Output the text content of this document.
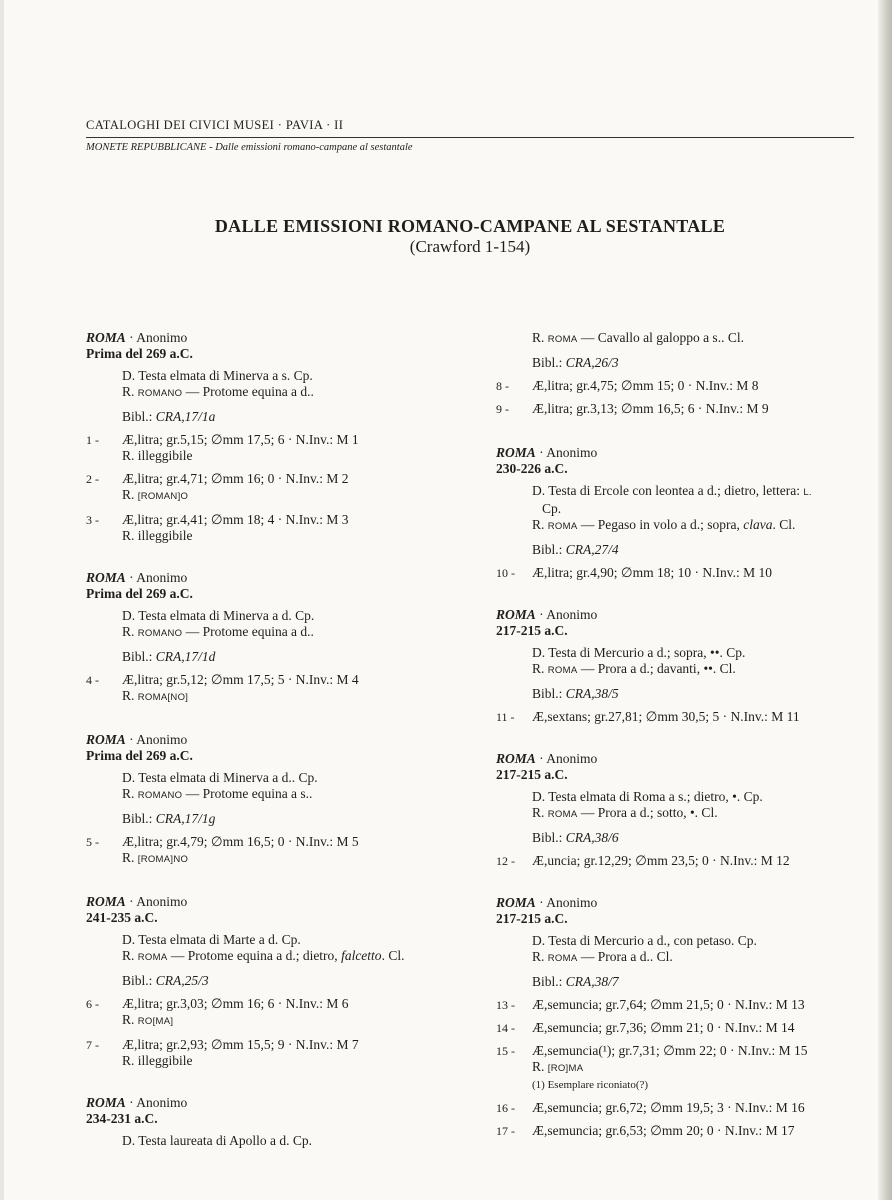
CATALOGHI DEI CIVICI MUSEI · PAVIA · II
MONETE REPUBBLICANE - Dalle emissioni romano-campane al sestantale
DALLE EMISSIONI ROMANO-CAMPANE AL SESTANTALE
(Crawford 1-154)
ROMA · Anonimo
Prima del 269 a.C.
D. Testa elmata di Minerva a s. Cp.
R. ROMANO — Protome equina a d..
Bibl.: CRA,17/1a
1 -	Æ,litra; gr.5,15; ∅mm 17,5; 6 · N.Inv.: M 1
R. illeggibile
2 -	Æ,litra; gr.4,71; ∅mm 16; 0 · N.Inv.: M 2
R. [ROMAN]O
3 -	Æ,litra; gr.4,41; ∅mm 18; 4 · N.Inv.: M 3
R. illeggibile
ROMA · Anonimo
Prima del 269 a.C.
D. Testa elmata di Minerva a d. Cp.
R. ROMANO — Protome equina a d..
Bibl.: CRA,17/1d
4 -	Æ,litra; gr.5,12; ∅mm 17,5; 5 · N.Inv.: M 4
R. ROMA[NO]
ROMA · Anonimo
Prima del 269 a.C.
D. Testa elmata di Minerva a d.. Cp.
R. ROMANO — Protome equina a s..
Bibl.: CRA,17/1g
5 -	Æ,litra; gr.4,79; ∅mm 16,5; 0 · N.Inv.: M 5
R. [ROMA]NO
ROMA · Anonimo
241-235 a.C.
D. Testa elmata di Marte a d. Cp.
R. ROMA — Protome equina a d.; dietro, falcetto. Cl.
Bibl.: CRA,25/3
6 -	Æ,litra; gr.3,03; ∅mm 16; 6 · N.Inv.: M 6
R. RO[MA]
7 -	Æ,litra; gr.2,93; ∅mm 15,5; 9 · N.Inv.: M 7
R. illeggibile
ROMA · Anonimo
234-231 a.C.
D. Testa laureata di Apollo a d. Cp.
R. ROMA — Cavallo al galoppo a s.. Cl.
Bibl.: CRA,26/3
8 -	Æ,litra; gr.4,75; ∅mm 15; 0 · N.Inv.: M 8
9 -	Æ,litra; gr.3,13; ∅mm 16,5; 6 · N.Inv.: M 9
ROMA · Anonimo
230-226 a.C.
D. Testa di Ercole con leontea a d.; dietro, lettera: L.
Cp.
R. ROMA — Pegaso in volo a d.; sopra, clava. Cl.
Bibl.: CRA,27/4
10 -	Æ,litra; gr.4,90; ∅mm 18; 10 · N.Inv.: M 10
ROMA · Anonimo
217-215 a.C.
D. Testa di Mercurio a d.; sopra, ••. Cp.
R. ROMA — Prora a d.; davanti, ••. Cl.
Bibl.: CRA,38/5
11 -	Æ,sextans; gr.27,81; ∅mm 30,5; 5 · N.Inv.: M 11
ROMA · Anonimo
217-215 a.C.
D. Testa elmata di Roma a s.; dietro, •. Cp.
R. ROMA — Prora a d.; sotto, •. Cl.
Bibl.: CRA,38/6
12 -	Æ,uncia; gr.12,29; ∅mm 23,5; 0 · N.Inv.: M 12
ROMA · Anonimo
217-215 a.C.
D. Testa di Mercurio a d., con petaso. Cp.
R. ROMA — Prora a d.. Cl.
Bibl.: CRA,38/7
13 -	Æ,semuncia; gr.7,64; ∅mm 21,5; 0 · N.Inv.: M 13
14 -	Æ,semuncia; gr.7,36; ∅mm 21; 0 · N.Inv.: M 14
15 -	Æ,semuncia(¹); gr.7,31; ∅mm 22; 0 · N.Inv.: M 15
R. [RO]MA
(1) Esemplare riconiato(?)
16 -	Æ,semuncia; gr.6,72; ∅mm 19,5; 3 · N.Inv.: M 16
17 -	Æ,semuncia; gr.6,53; ∅mm 20; 0 · N.Inv.: M 17
